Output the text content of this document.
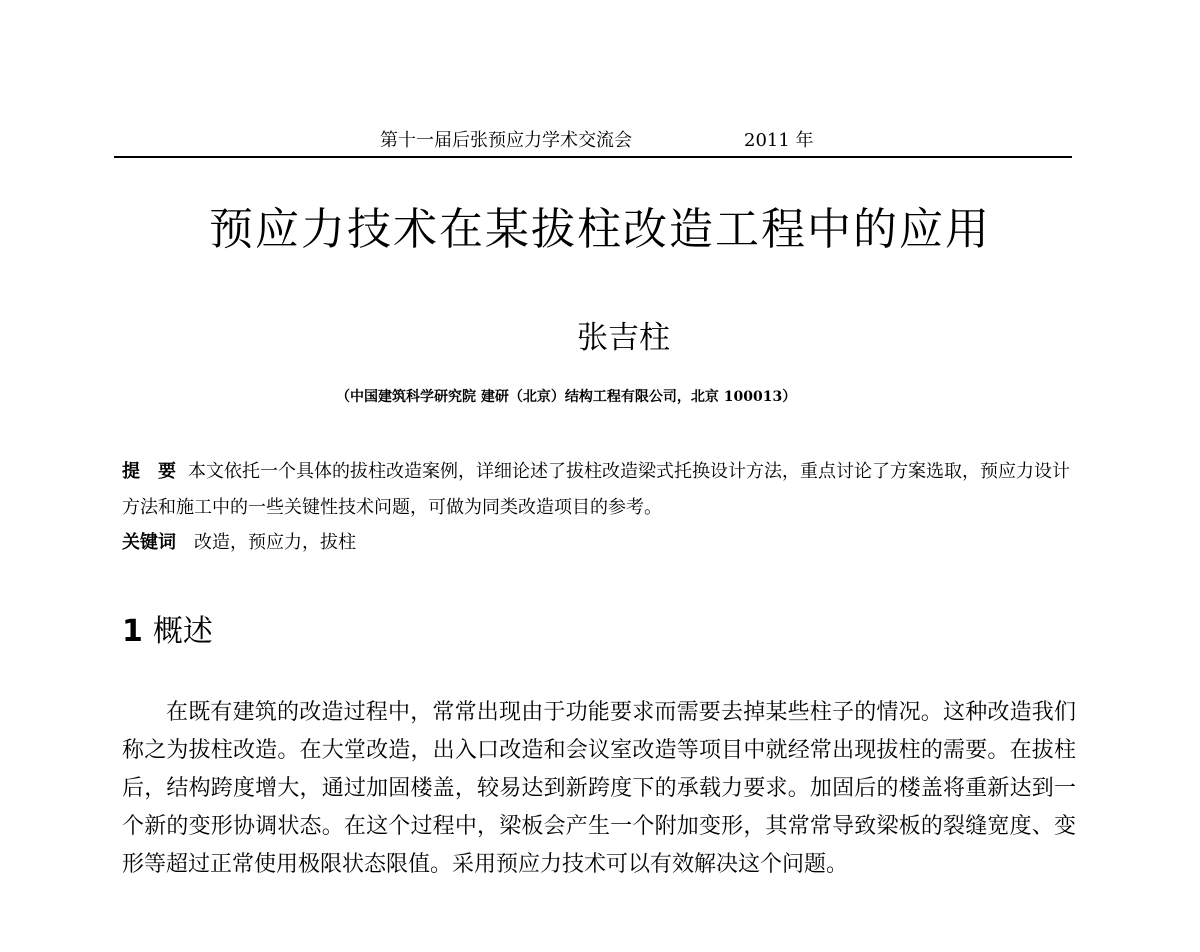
第十一届后张预应力学术交流会	2011 年
预应力技术在某拔柱改造工程中的应用
张吉柱
（中国建筑科学研究院 建研（北京）结构工程有限公司，北京 100013）
提　要 本文依托一个具体的拔柱改造案例，详细论述了拔柱改造梁式托换设计方法，重点讨论了方案选取，预应力设计方法和施工中的一些关键性技术问题，可做为同类改造项目的参考。
关键词 改造，预应力，拔柱
1 概述
在既有建筑的改造过程中，常常出现由于功能要求而需要去掉某些柱子的情况。这种改造我们称之为拔柱改造。在大堂改造，出入口改造和会议室改造等项目中就经常出现拔柱的需要。在拔柱后，结构跨度增大，通过加固楼盖，较易达到新跨度下的承载力要求。加固后的楼盖将重新达到一个新的变形协调状态。在这个过程中，梁板会产生一个附加变形，其常常导致梁板的裂缝宽度、变形等超过正常使用极限状态限值。采用预应力技术可以有效解决这个问题。
